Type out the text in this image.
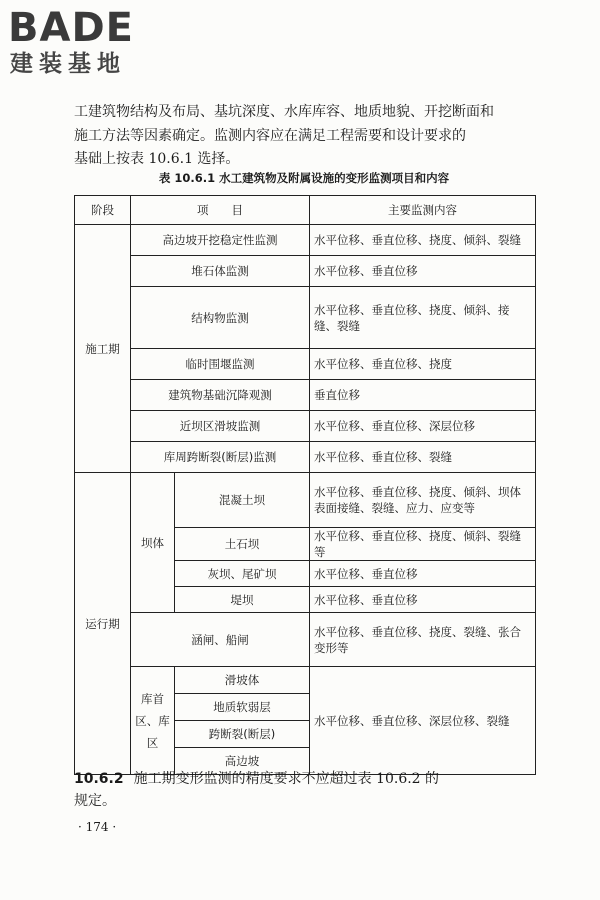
BADE
建装基地
工建筑物结构及布局、基坑深度、水库库容、地质地貌、开挖断面和
施工方法等因素确定。监测内容应在满足工程需要和设计要求的
基础上按表 10.6.1 选择。
表 10.6.1 水工建筑物及附属设施的变形监测项目和内容
阶段	项　　目		主要监测内容
施工期	高边坡开挖稳定性监测		水平位移、垂直位移、挠度、倾斜、裂缝
	堆石体监测		水平位移、垂直位移
	结构物监测		水平位移、垂直位移、挠度、倾斜、接缝、裂缝
	临时围堰监测		水平位移、垂直位移、挠度
	建筑物基础沉降观测		垂直位移
	近坝区滑坡监测		水平位移、垂直位移、深层位移
	库周跨断裂(断层)监测		水平位移、垂直位移、裂缝
运行期	坝体	混凝土坝	水平位移、垂直位移、挠度、倾斜、坝体表面接缝、裂缝、应力、应变等
		土石坝	水平位移、垂直位移、挠度、倾斜、裂缝等
		灰坝、尾矿坝	水平位移、垂直位移
		堤坝	水平位移、垂直位移
	涵闸、船闸		水平位移、垂直位移、挠度、裂缝、张合变形等
	库首区、库区	滑坡体	水平位移、垂直位移、深层位移、裂缝
		地质软弱层	
		跨断裂(断层)	
		高边坡	
10.6.2 施工期变形监测的精度要求不应超过表 10.6.2 的
规定。
· 174 ·
